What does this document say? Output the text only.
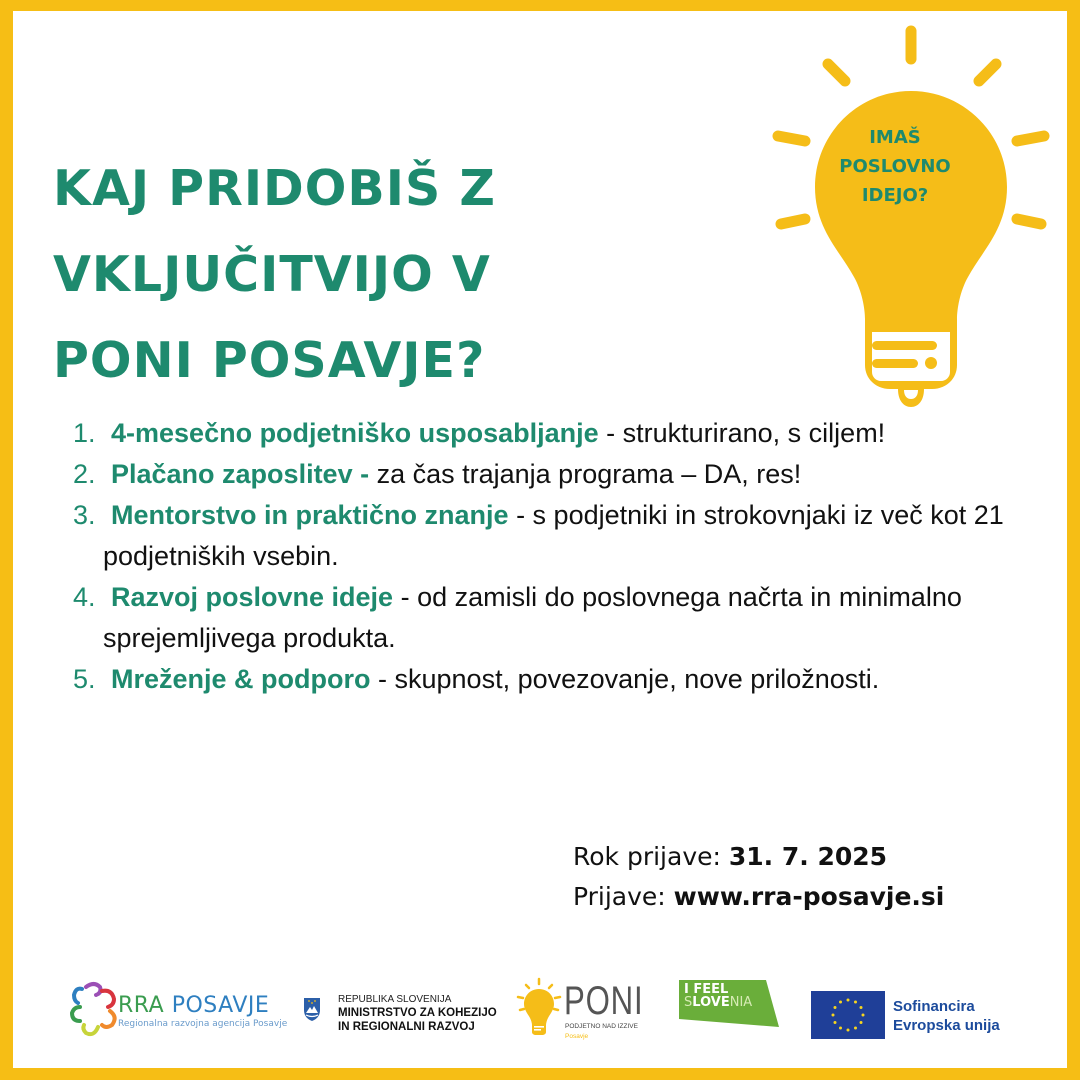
KAJ PRIDOBIŠ Z
VKLJUČITVIJO V
PONI POSAVJE?
IMAŠ
POSLOVNO
IDEJO?
1. 4-mesečno podjetniško usposabljanje - strukturirano, s ciljem!
2. Plačano zaposlitev - za čas trajanja programa – DA, res!
3. Mentorstvo in praktično znanje - s podjetniki in strokovnjaki iz več kot 21 podjetniških vsebin.
4. Razvoj poslovne ideje - od zamisli do poslovnega načrta in minimalno sprejemljivega produkta.
5. Mreženje & podporo - skupnost, povezovanje, nove priložnosti.
Rok prijave: 31. 7. 2025
Prijave: www.rra-posavje.si
RRA POSAVJE
Regionalna razvojna agencija Posavje
REPUBLIKA SLOVENIJA
MINISTRSTVO ZA KOHEZIJO
IN REGIONALNI RAZVOJ
PONI
PODJETNO NAD IZZIVE
Posavje
I FEEL
SLOVENIA	Sofinancira
Evropska unija
